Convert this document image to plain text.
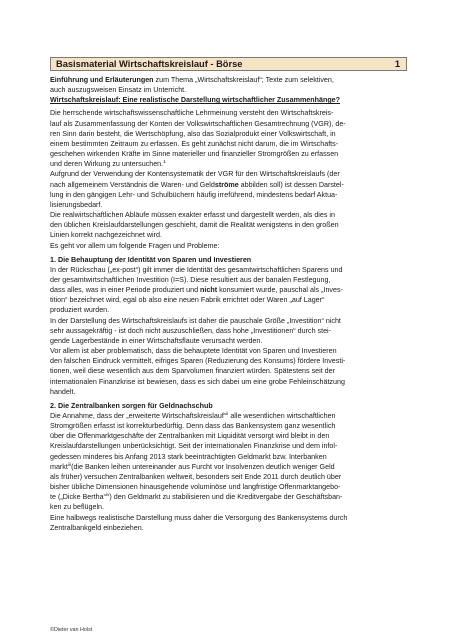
Basismaterial Wirtschaftskreislauf - Börse	1

Einführung und Erläuterungen zum Thema „Wirtschaftskreislauf“; Texte zum selektiven,

auch auszugsweisen Einsatz im Unterricht.

Wirtschaftskreislauf: Eine realistische Darstellung wirtschaftlicher Zusammenhänge?

Die herrschende wirtschaftswissenschaftliche Lehrmeinung versteht den Wirtschaftskreis-

lauf als Zusammenfassung der Konten der Volkswirtschaftlichen Gesamtrechnung (VGR), de-

ren Sinn darin besteht, die Wertschöpfung, also das Sozialprodukt einer Volkswirtschaft, in

einem bestimmten Zeitraum zu erfassen. Es geht zunächst nicht darum, die im Wirtschafts-

geschehen wirkenden Kräfte im Sinne materieller und finanzieller Stromgrößen zu erfassen

und deren Wirkung zu untersuchen.$^1$

Aufgrund der Verwendung der Kontensystematik der VGR für den Wirtschaftskreislaufs (der

nach allgemeinem Verständnis die Waren- und Geldströme abbilden soll) ist dessen Darstel-

lung in den gängigen Lehr- und Schulbüchern häufig irreführend, mindestens bedarf Aktua-

lisierungsbedarf.

Die realwirtschaftlichen Abläufe müssen exakter erfasst und dargestellt werden, als dies in

den üblichen Kreislaufdarstellungen geschieht, damit die Realität wenigstens in den großen

Linien korrekt nachgezeichnet wird.

Es geht vor allem um folgende Fragen und Probleme:

1. Die Behauptung der Identität von Sparen und Investieren

In der Rückschau („ex-post“) gilt immer die Identität des gesamtwirtschaftlichen Sparens und

der gesamtwirtschaftlichen Investition (I=S). Diese resultiert aus der banalen Festlegung,

dass alles, was in einer Periode produziert und nicht konsumiert wurde, pauschal als „Inves-

tition“ bezeichnet wird, egal ob also eine neuen Fabrik errichtet oder Waren „auf Lager“

produziert wurden.

In der Darstellung des Wirtschaftskreislaufs ist daher die pauschale Größe „Investition“ nicht

sehr aussagekräftig - ist doch nicht auszuschließen, dass hohe „Investitionen“ durch stei-

gende Lagerbestände in einer Wirtschaftsflaute verursacht werden.

Vor allem ist aber problematisch, dass die behauptete Identität von Sparen und Investieren

den falschen Eindruck vermittelt, eifriges Sparen (Reduzierung des Konsums) fördere Investi-

tionen, weil diese wesentlich aus dem Sparvolumen finanziert würden. Spätestens seit der

internationalen Finanzkrise ist bewiesen, dass es sich dabei um eine grobe Fehleinschätzung

handelt.

2. Die Zentralbanken sorgen für Geldnachschub

Die Annahme, dass der „erweiterte Wirtschaftskreislauf“$^{ii}$ alle wesentlichen wirtschaftlichen

Stromgrößen erfasst ist korrekturbedürftig. Denn dass das Bankensystem ganz wesentlich

über die Offenmarktgeschäfte der Zentralbanken mit Liquidität versorgt wird bleibt in den

Kreislaufdarstellungen unberücksichtigt. Seit der internationalen Finanzkrise und dem infol-

gedessen minderes bis Anfang 2013 stark beeinträchtigten Geldmarkt bzw. Interbanken

markt$^{iii}$(die Banken leihen untereinander aus Furcht vor Insolvenzen deutlich weniger Geld

als früher) versuchen Zentralbanken weltweit, besonders seit Ende 2011 durch deutlich über

bisher übliche Dimensionen hinausgehende voluminöse und langfristige Offenmarktangebo-

te („Dicke Bertha“$^{iv}$) den Geldmarkt zu stabilisieren und die Kreditvergabe der Geschäftsban-

ken zu beflügeln.

Eine halbwegs realistische Darstellung muss daher die Versorgung des Bankensystems durch

Zentralbankgeld einbeziehen.

©Dieter van Holst
